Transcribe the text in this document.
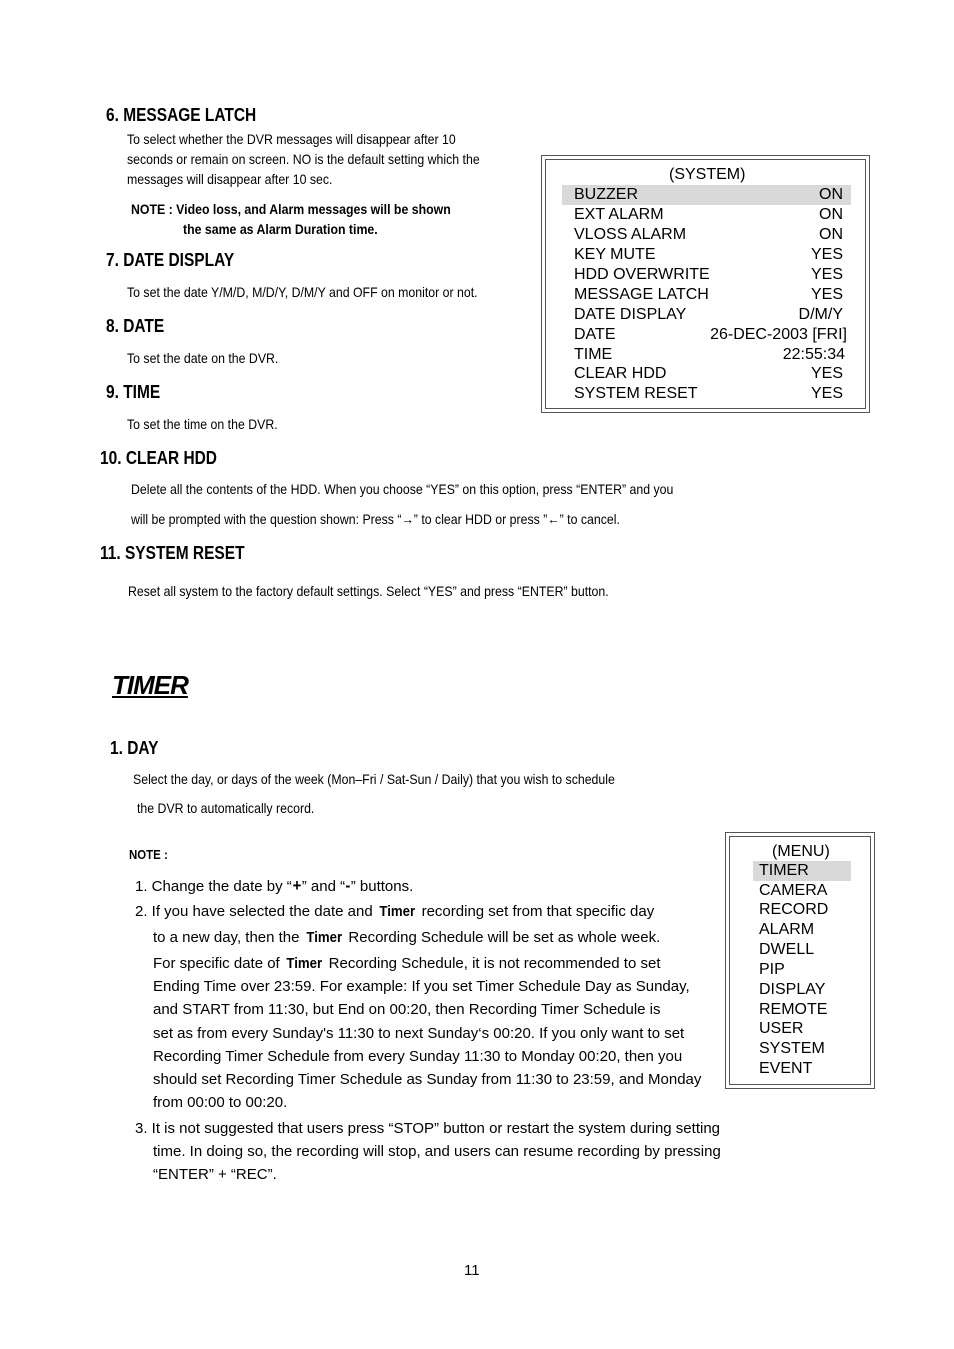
6. MESSAGE LATCH
To select whether the DVR messages will disappear after 10
seconds or remain on screen. NO is the default setting which the
messages will disappear after 10 sec.
NOTE : Video loss, and Alarm messages will be shown
the same as Alarm Duration time.
7. DATE DISPLAY
To set the date Y/M/D, M/D/Y, D/M/Y and OFF on monitor or not.
8. DATE
To set the date on the DVR.
9. TIME
To set the time on the DVR.
10. CLEAR HDD
Delete all the contents of the HDD. When you choose “YES” on this option, press “ENTER” and you
will be prompted with the question shown: Press “→” to clear HDD or press ”←” to cancel.
11. SYSTEM RESET
Reset all system to the factory default settings. Select “YES” and press “ENTER” button.
(SYSTEM)
BUZZER	ON
EXT ALARM	ON
VLOSS ALARM	ON
KEY MUTE	YES
HDD OVERWRITE	YES
MESSAGE LATCH	YES
DATE DISPLAY	D/M/Y
DATE	26-DEC-2003 [FRI]
TIME	22:55:34
CLEAR HDD	YES
SYSTEM RESET	YES
TIMER
1. DAY
Select the day, or days of the week (Mon–Fri / Sat-Sun / Daily) that you wish to schedule
the DVR to automatically record.
NOTE :
1. Change the date by “+” and “-” buttons.
2. If you have selected the date and Timer recording set from that specific day
to a new day, then the Timer Recording Schedule will be set as whole week.
For specific date of Timer Recording Schedule, it is not recommended to set
Ending Time over 23:59. For example: If you set Timer Schedule Day as Sunday,
and START from 11:30, but End on 00:20, then Recording Timer Schedule is
set as from every Sunday's 11:30 to next Sunday‘s 00:20. If you only want to set
Recording Timer Schedule from every Sunday 11:30 to Monday 00:20, then you
should set Recording Timer Schedule as Sunday from 11:30 to 23:59, and Monday
from 00:00 to 00:20.
3. It is not suggested that users press “STOP” button or restart the system during setting
time. In doing so, the recording will stop, and users can resume recording by pressing
“ENTER” + “REC”.
(MENU)
TIMER
CAMERA
RECORD
ALARM
DWELL
PIP
DISPLAY
REMOTE
USER
SYSTEM
EVENT
11
